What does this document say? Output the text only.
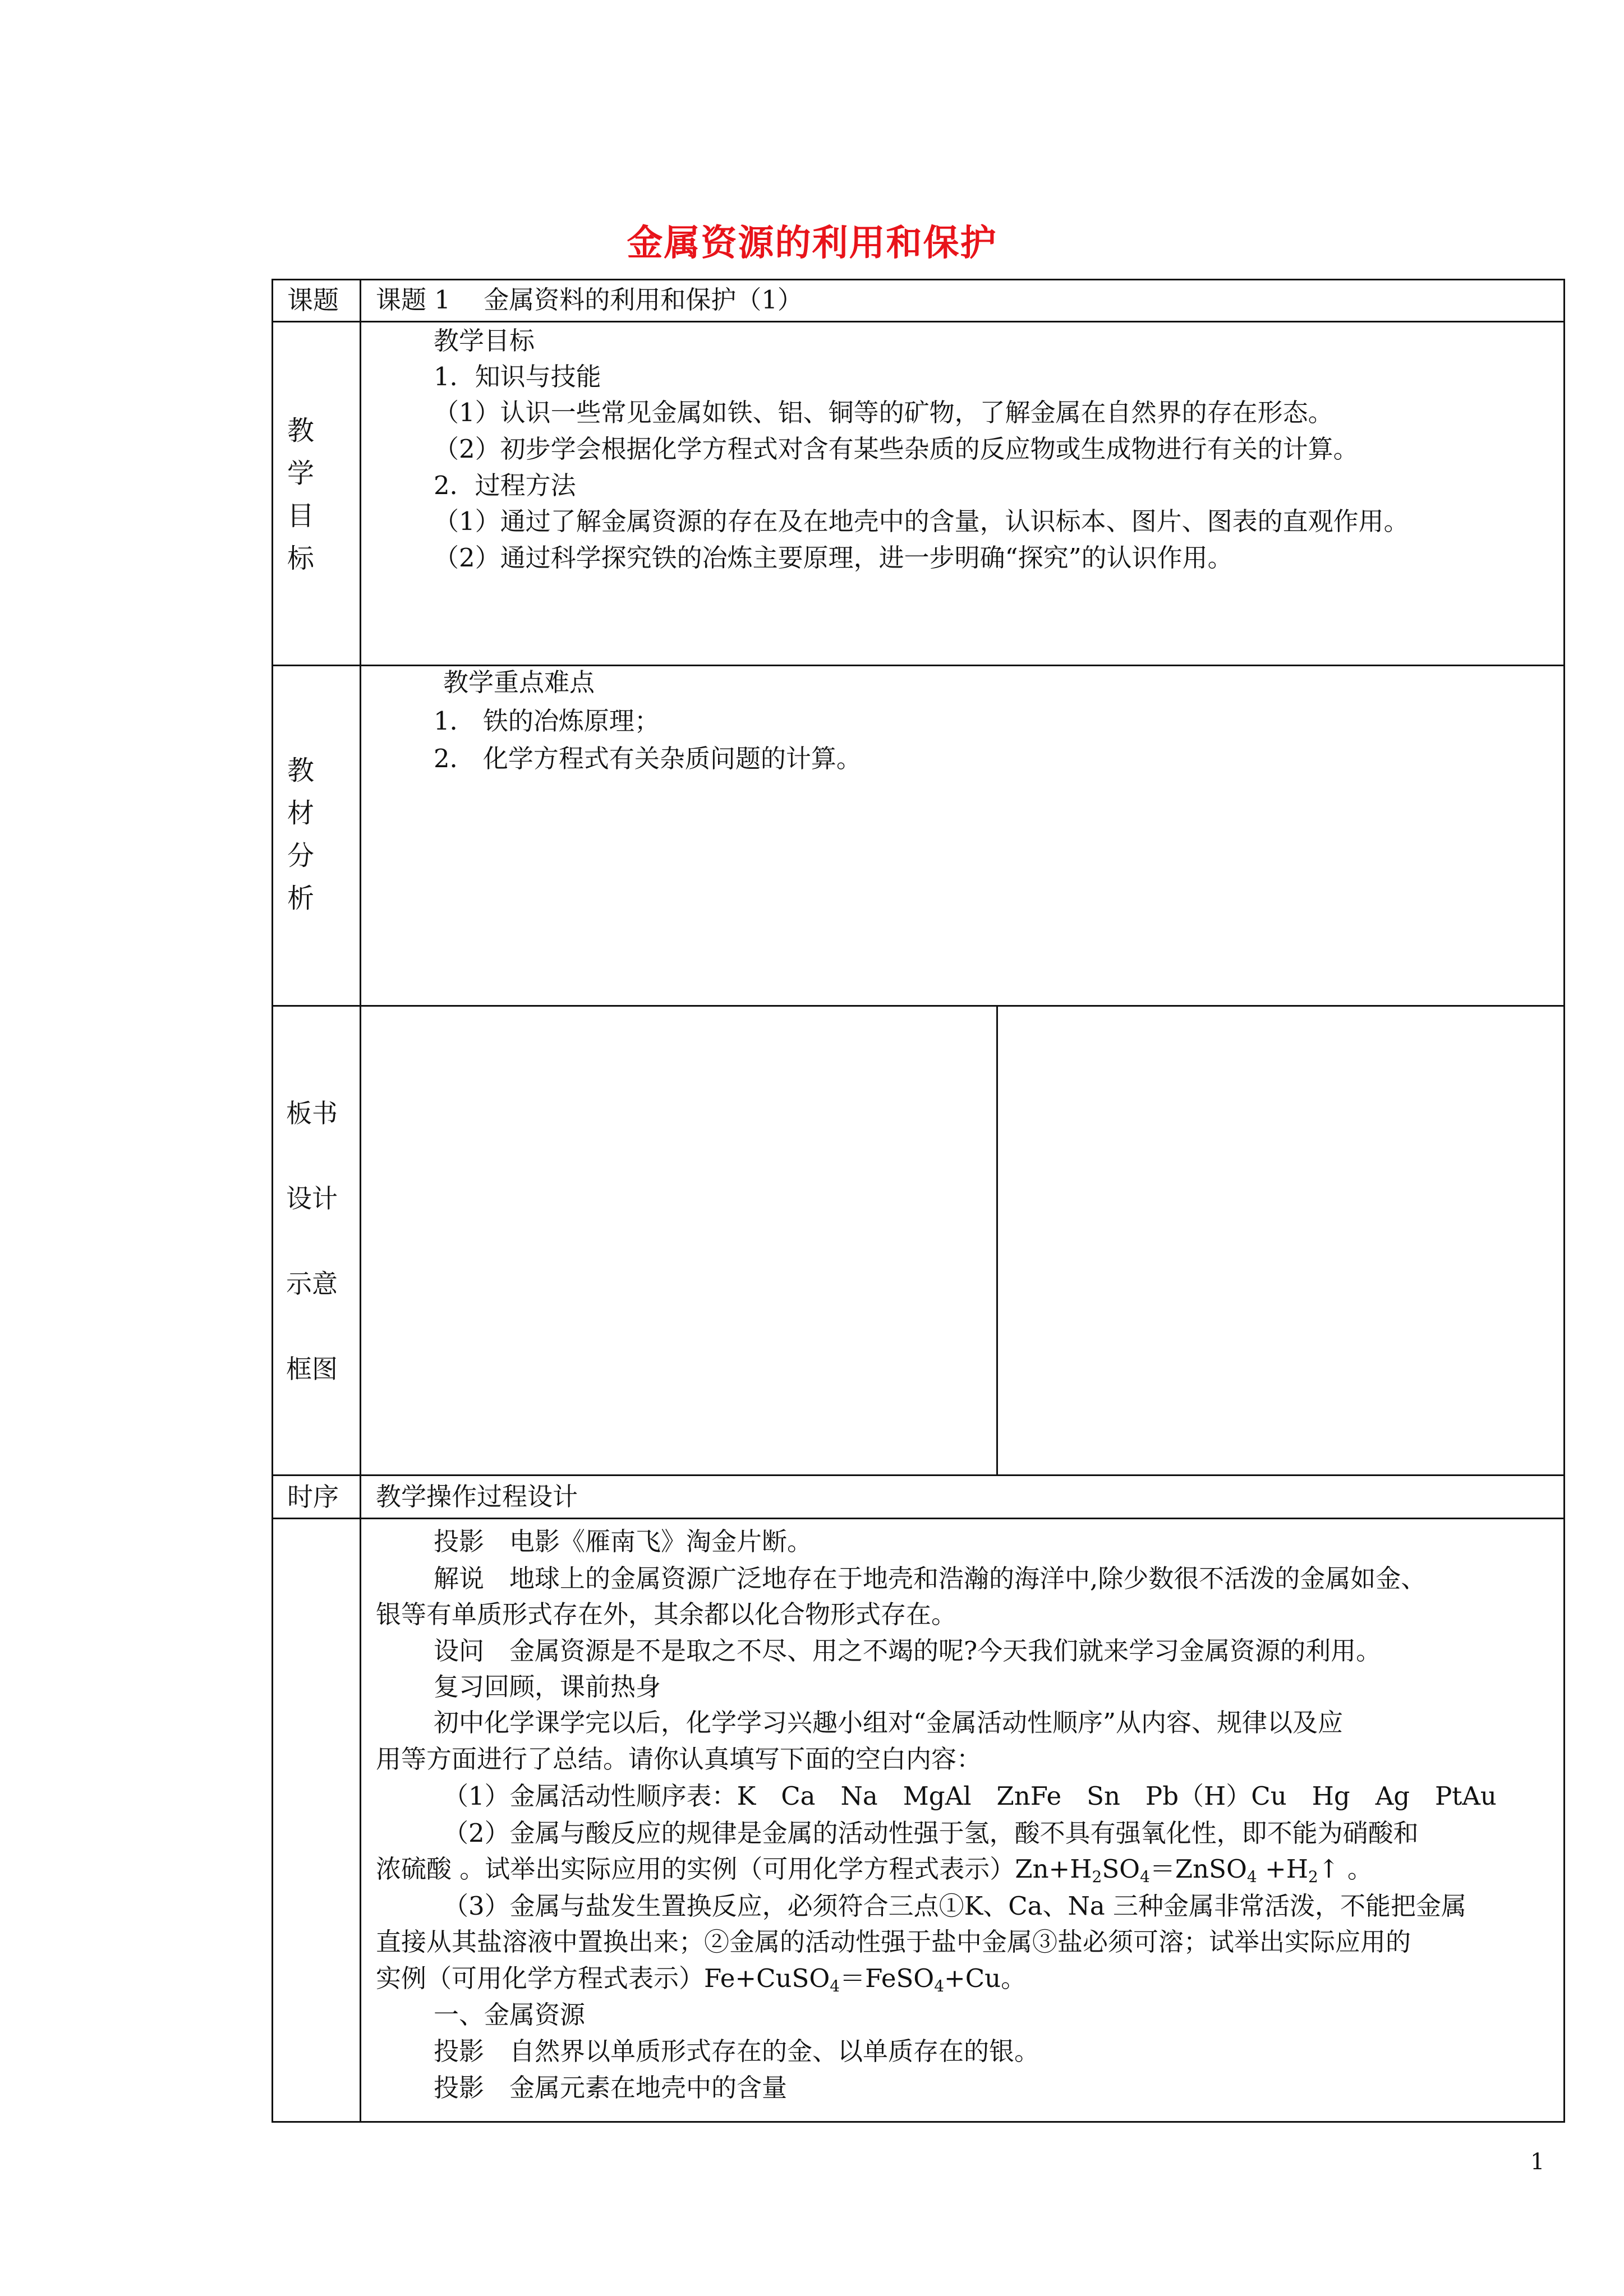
金属资源的利用和保护
课题 课题 1　 金属资料的利用和保护（1）
教
学
目
标
教学目标
1．知识与技能
（1）认识一些常见金属如铁、铝、铜等的矿物，了解金属在自然界的存在形态。
（2）初步学会根据化学方程式对含有某些杂质的反应物或生成物进行有关的计算。
2．过程方法
（1）通过了解金属资源的存在及在地壳中的含量，认识标本、图片、图表的直观作用。
（2）通过科学探究铁的冶炼主要原理，进一步明确“探究”的认识作用。
教
材
分
析
教学重点难点
1． 铁的冶炼原理；
2． 化学方程式有关杂质问题的计算。
板书
设计
示意
框图
时序 教学操作过程设计
投影　电影《雁南飞》淘金片断。
解说　地球上的金属资源广泛地存在于地壳和浩瀚的海洋中,除少数很不活泼的金属如金、
银等有单质形式存在外，其余都以化合物形式存在。
设问　金属资源是不是取之不尽、用之不竭的呢?今天我们就来学习金属资源的利用。
复习回顾，课前热身
初中化学课学完以后，化学学习兴趣小组对“金属活动性顺序”从内容、规律以及应
用等方面进行了总结。请你认真填写下面的空白内容：
（1）金属活动性顺序表：K　Ca　Na　MgAl　ZnFe　Sn　Pb（H）Cu　Hg　Ag　PtAu
（2）金属与酸反应的规律是金属的活动性强于氢，酸不具有强氧化性，即不能为硝酸和
浓硫酸 。试举出实际应用的实例（可用化学方程式表示）$Zn+H_2SO_4=ZnSO_4$ $+H_2↑$ 。
（3）金属与盐发生置换反应，必须符合三点①K、Ca、Na 三种金属非常活泼，不能把金属
直接从其盐溶液中置换出来；②金属的活动性强于盐中金属③盐必须可溶；试举出实际应用的
实例（可用化学方程式表示）Fe+CuSO$_4$＝FeSO$_4$+Cu。
一、金属资源
投影　自然界以单质形式存在的金、以单质存在的银。
投影　金属元素在地壳中的含量
1
